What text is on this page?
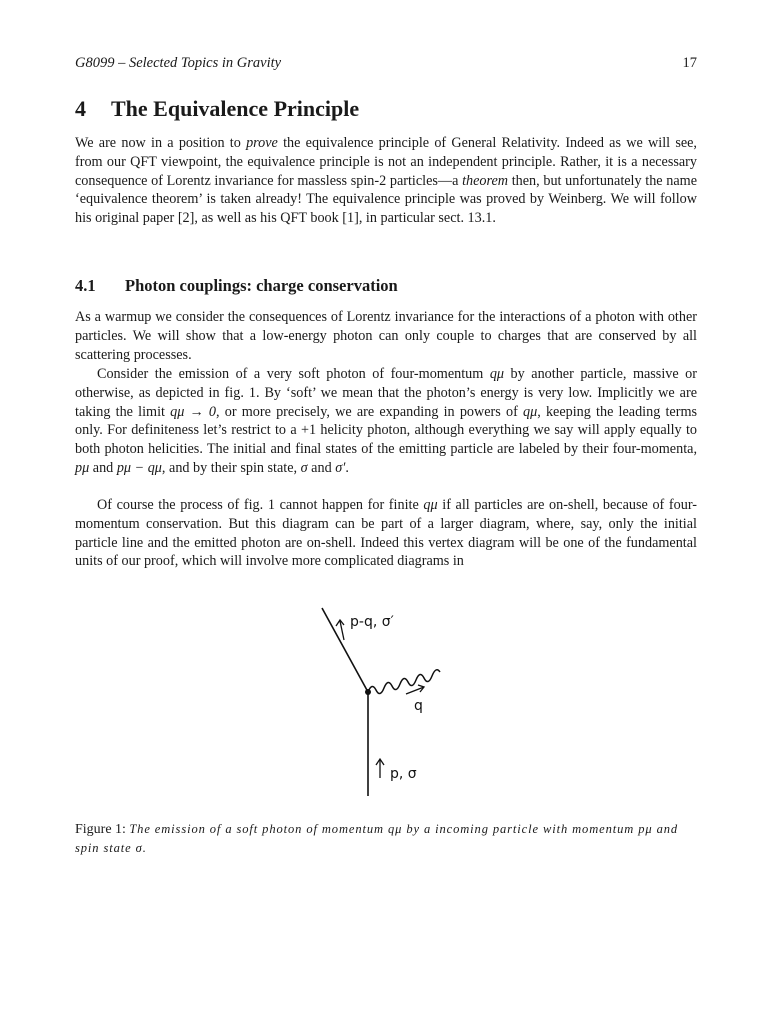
G8099 – Selected Topics in Gravity	17
4 The Equivalence Principle

We are now in a position to prove the equivalence principle of General Relativity. Indeed as we will see, from our QFT viewpoint, the equivalence principle is not an independent principle. Rather, it is a necessary consequence of Lorentz invariance for massless spin-2 particles—a theorem then, but unfortunately the name ‘equivalence theorem’ is taken already! The equivalence principle was proved by Weinberg. We will follow his original paper [2], as well as his QFT book [1], in particular sect. 13.1.

4.1 Photon couplings: charge conservation

As a warmup we consider the consequences of Lorentz invariance for the interactions of a photon with other particles. We will show that a low-energy photon can only couple to charges that are conserved by all scattering processes.

Consider the emission of a very soft photon of four-momentum qμ by another particle, massive or otherwise, as depicted in fig. 1. By ‘soft’ we mean that the photon’s energy is very low. Implicitly we are taking the limit qμ → 0, or more precisely, we are expanding in powers of qμ, keeping the leading terms only. For definiteness let’s restrict to a +1 helicity photon, although everything we say will apply equally to both photon helicities. The initial and final states of the emitting particle are labeled by their four-momenta, pμ and pμ − qμ, and by their spin state, σ and σ′.

Of course the process of fig. 1 cannot happen for finite qμ if all particles are on-shell, because of four-momentum conservation. But this diagram can be part of a larger diagram, where, say, only the initial particle line and the emitted photon are on-shell. Indeed this vertex diagram will be one of the fundamental units of our proof, which will involve more complicated diagrams in

p-q, σ′
q
p, σ

Figure 1: The emission of a soft photon of momentum qμ by a incoming particle with momentum pμ and spin state σ.
